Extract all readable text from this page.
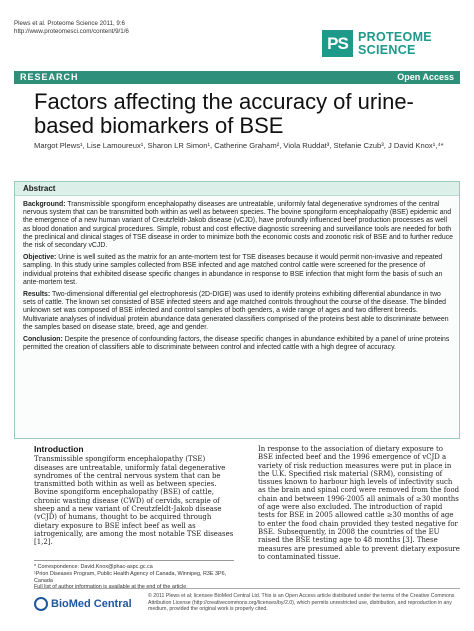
Plews et al. Proteome Science 2011, 9:6
http://www.proteomesci.com/content/9/1/6
PS PROTEOME
SCIENCE
RESEARCH	Open Access
Factors affecting the accuracy of urine-based biomarkers of BSE
Margot Plews¹, Lise Lamoureux¹, Sharon LR Simon¹, Catherine Graham², Viola Ruddat³, Stefanie Czub³, J David Knox¹,⁴*
Abstract

Background: Transmissible spongiform encephalopathy diseases are untreatable, uniformly fatal degenerative syndromes of the central nervous system that can be transmitted both within as well as between species. The bovine spongiform encephalopathy (BSE) epidemic and the emergence of a new human variant of Creutzfeldt-Jakob disease (vCJD), have profoundly influenced beef production processes as well as blood donation and surgical procedures. Simple, robust and cost effective diagnostic screening and surveillance tools are needed for both the preclinical and clinical stages of TSE disease in order to minimize both the economic costs and zoonotic risk of BSE and to further reduce the risk of secondary vCJD.

Objective: Urine is well suited as the matrix for an ante-mortem test for TSE diseases because it would permit non-invasive and repeated sampling. In this study urine samples collected from BSE infected and age matched control cattle were screened for the presence of individual proteins that exhibited disease specific changes in abundance in response to BSE infection that might form the basis of such an ante-mortem test.

Results: Two-dimensional differential gel electrophoresis (2D-DIGE) was used to identify proteins exhibiting differential abundance in two sets of cattle. The known set consisted of BSE infected steers and age matched controls throughout the course of the disease. The blinded unknown set was composed of BSE infected and control samples of both genders, a wide range of ages and two different breeds. Multivariate analyses of individual protein abundance data generated classifiers comprised of the proteins best able to discriminate between the samples based on disease state, breed, age and gender.

Conclusion: Despite the presence of confounding factors, the disease specific changes in abundance exhibited by a panel of urine proteins permitted the creation of classifiers able to discriminate between control and infected cattle with a high degree of accuracy.

Introduction
Transmissible spongiform encephalopathy (TSE) diseases are untreatable, uniformly fatal degenerative syndromes of the central nervous system that can be transmitted both within as well as between species. Bovine spongiform encephalopathy (BSE) of cattle, chronic wasting disease (CWD) of cervids, scrapie of sheep and a new variant of Creutzfeldt-Jakob disease (vCJD) of humans, thought to be acquired through dietary exposure to BSE infect beef as well as iatrogenically, are among the most notable TSE diseases [1,2].
In response to the association of dietary exposure to BSE infected beef and the 1996 emergence of vCJD a variety of risk reduction measures were put in place in the U.K. Specified risk material (SRM), consisting of tissues known to harbour high levels of infectivity such as the brain and spinal cord were removed from the food chain and between 1996-2005 all animals of ≥30 months of age were also excluded. The introduction of rapid tests for BSE in 2005 allowed cattle ≥30 months of age to enter the food chain provided they tested negative for BSE. Subsequently, in 2008 the countries of the EU raised the BSE testing age to 48 months [3]. These measures are presumed able to prevent dietary exposure to contaminated tissue.
* Correspondence: David.Knox@phac-aspc.gc.ca
¹Prion Diseases Program, Public Health Agency of Canada, Winnipeg, R3E 3P6, Canada
Full list of author information is available at the end of the article
BioMed Central
© 2011 Plews et al; licensee BioMed Central Ltd. This is an Open Access article distributed under the terms of the Creative Commons Attribution License (http://creativecommons.org/licenses/by/2.0), which permits unrestricted use, distribution, and reproduction in any medium, provided the original work is properly cited.
